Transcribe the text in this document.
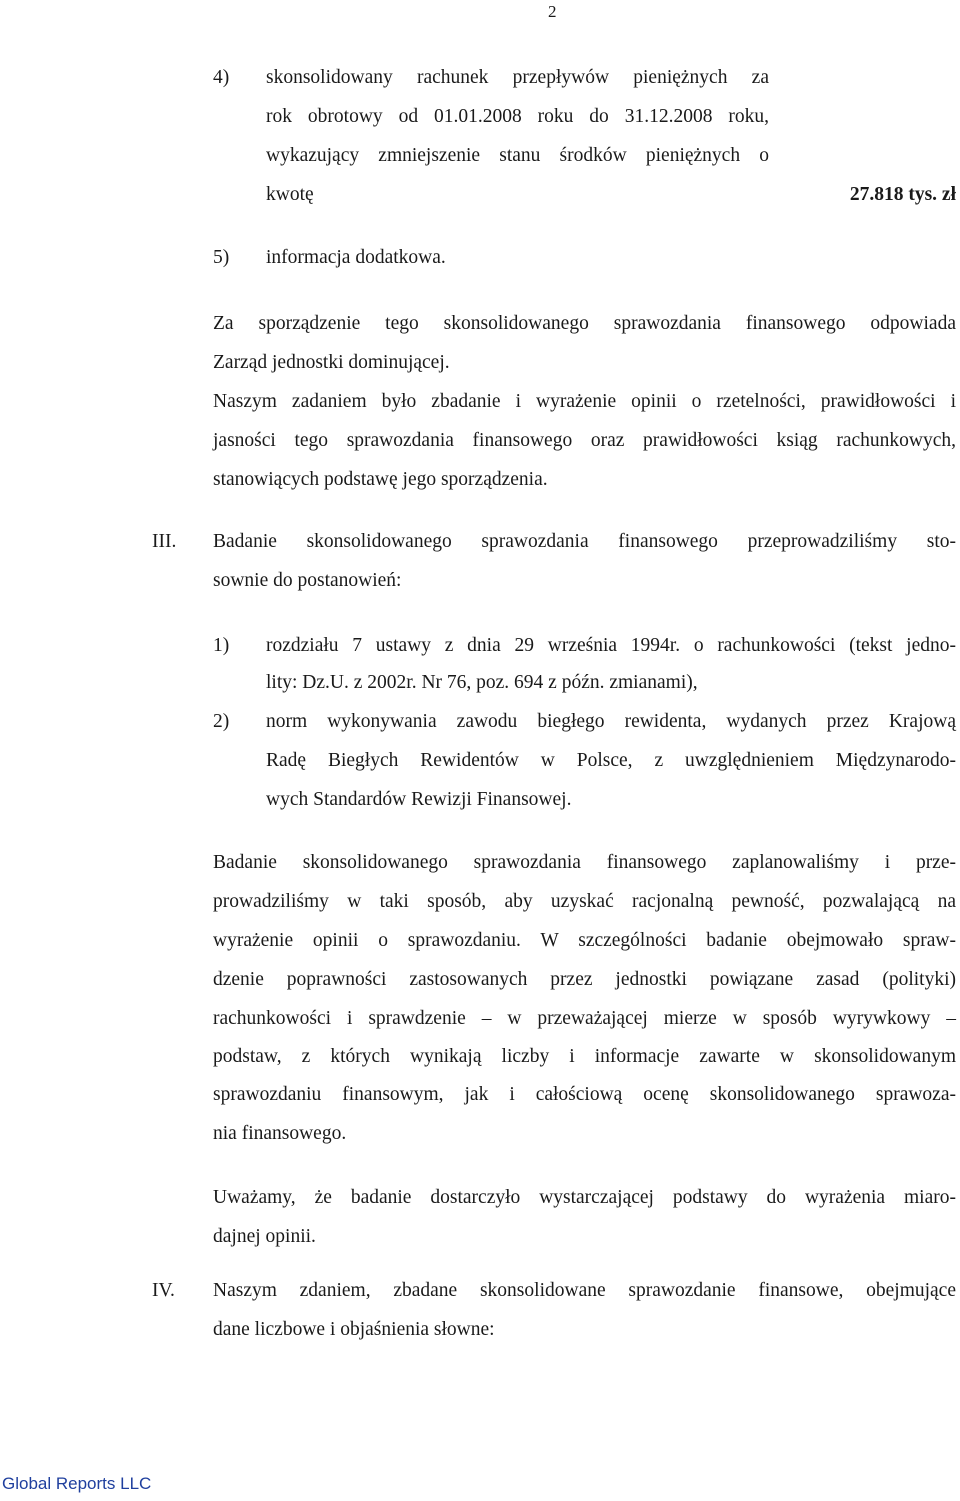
2
4) skonsolidowany rachunek przepływów pieniężnych za
rok obrotowy od 01.01.2008 roku do 31.12.2008 roku,
wykazujący zmniejszenie stanu środków pieniężnych o
kwotę	27.818 tys. zł
5) informacja dodatkowa.
Za sporządzenie tego skonsolidowanego sprawozdania finansowego odpowiada
Zarząd jednostki dominującej.
Naszym zadaniem było zbadanie i wyrażenie opinii o rzetelności, prawidłowości i
jasności tego sprawozdania finansowego oraz prawidłowości ksiąg rachunkowych,
stanowiących podstawę jego sporządzenia.
III. Badanie skonsolidowanego sprawozdania finansowego przeprowadziliśmy sto-
sownie do postanowień:
1) rozdziału 7 ustawy z dnia 29 września 1994r. o rachunkowości (tekst jedno-
lity: Dz.U. z 2002r. Nr 76, poz. 694 z późn. zmianami),
2) norm wykonywania zawodu biegłego rewidenta, wydanych przez Krajową
Radę Biegłych Rewidentów w Polsce, z uwzględnieniem Międzynarodo-
wych Standardów Rewizji Finansowej.
Badanie skonsolidowanego sprawozdania finansowego zaplanowaliśmy i prze-
prowadziliśmy w taki sposób, aby uzyskać racjonalną pewność, pozwalającą na
wyrażenie opinii o sprawozdaniu. W szczególności badanie obejmowało spraw-
dzenie poprawności zastosowanych przez jednostki powiązane zasad (polityki)
rachunkowości i sprawdzenie – w przeważającej mierze w sposób wyrywkowy –
podstaw, z których wynikają liczby i informacje zawarte w skonsolidowanym
sprawozdaniu finansowym, jak i całościową ocenę skonsolidowanego sprawoza-
nia finansowego.
Uważamy, że badanie dostarczyło wystarczającej podstawy do wyrażenia miaro-
dajnej opinii.
IV. Naszym zdaniem, zbadane skonsolidowane sprawozdanie finansowe, obejmujące
dane liczbowe i objaśnienia słowne:
Global Reports LLC
